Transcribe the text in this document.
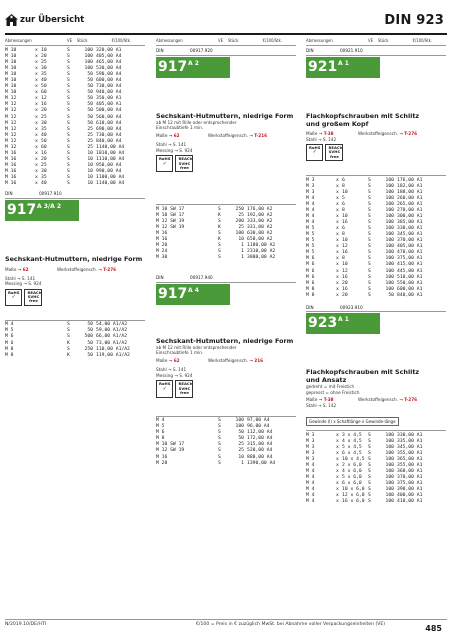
zur Übersicht	DIN 923
Abmessungen	VE	Stück	€/100/Stk.
M 10	x 10	S	100 320,00 A1
M 10	x 20	S	100 405,00 A4
M 10	x 25	S	100 465,00 A4
M 10	x 30	S	100 530,00 A4
M 10	x 35	S	50 590,00 A4
M 10	x 40	S	50 600,00 A4
M 10	x 50	S	50 730,00 A4
M 10	x 60	S	50 940,00 A4
M 12	x 12	S	50 350,00 A1
M 12	x 16	S	50 405,00 A1
M 12	x 20	S	50 500,00 A4
M 12	x 25	S	50 560,00 A4
M 12	x 30	S	50 610,00 A4
M 12	x 35	S	25 690,00 A4
M 12	x 40	S	25 730,00 A4
M 12	x 50	S	25 840,00 A4
M 12	x 60	S	25 1140,00 A4
M 16	x 16	S	10 1010,00 A4
M 16	x 20	S	10 1110,00 A4
M 16	x 25	S	10 950,00 A4
M 16	x 30	S	10 990,00 A4
M 16	x 35	S	10 1100,00 A4
M 16	x 40	S	10 1140,00 A4
DIN	00917.910
917 A 3/A 2
Sechskant-Hutmuttern, niedrige Form
Maße → 62	Werkstoffeigensch. → T-276
Stahl → S. 141
Messing → S. 924
RoHS
✓
REACh SVHC free
M 4	S	50 54,00 A1/A2
M 5	S	50 59,00 A1/A2
M 6	S	500 66,00 A1/A2
M 6	K	50 73,00 A1/A2
M 8	S	250 110,00 A1/A2
M 8	K	50 119,00 A1/A2
Abmessungen	VE	Stück	€/100/Stk.
DIN	00917.920
917 A 2
Sechskant-Hutmuttern, niedrige Form
ab M 12 mit Rille oder entsprechender
Einschraubtiefe 1 min.
Maße → 62	Werkstoffeigensch. → T-216
Stahl → S. 141
Messing → S. 924
RoHS
✓
REACh SVHC free
M 10 SW 17	S	250 176,00 A2
M 10 SW 17	K	25 192,00 A2
M 12 SW 19	S	200 333,00 A2
M 12 SW 19	K	25 331,00 A2
M 16	S	100 630,00 A2
M 16	K	10 650,00 A2
M 20	S	1 1180,00 A2
M 24	S	1 2310,00 A2
M 30	S	1 3800,00 A2
DIN	00917.940
917 A 4
Sechskant-Hutmuttern, niedrige Form
ab M 12 mit Rille oder entsprechender
Einschraubtiefe 1 min.
Maße → 62	Werkstoffeigensch. → 216
Stahl → S. 141
Messing → S. 924
RoHS
✓
REACh SVHC free
M 4	S	100 97,00 A4
M 5	S	100 96,00 A4
M 6	S	50 112,00 A4
M 8	S	50 172,00 A4
M 10 SW 17	S	25 315,00 A4
M 12 SW 19	S	25 520,00 A4
M 16	S	10 880,00 A4
M 20	S	1 1390,00 A4
Abmessungen	VE	Stück	€/100/Stk.
DIN	00921.910
921 A 1
Flachkopfschrauben mit Schlitz
und großem Kopf
Maße → T-38	Werkstoffeigensch. → T-276
Stahl → S. 142
RoHS
✓
REACh SVHC free
M 3	x 6	S	100 176,00 A1
M 3	x 8	S	100 182,00 A1
M 3	x 10	S	100 188,00 A1
M 4	x 5	S	100 260,00 A1
M 4	x 6	S	100 265,00 A1
M 4	x 8	S	100 270,00 A1
M 4	x 10	S	100 300,00 A1
M 4	x 16	S	100 385,00 A1
M 5	x 6	S	100 330,00 A1
M 5	x 8	S	100 345,00 A1
M 5	x 10	S	100 370,00 A1
M 5	x 12	S	100 405,00 A1
M 5	x 16	S	100 470,00 A1
M 6	x 8	S	100 375,00 A1
M 6	x 10	S	100 415,00 A1
M 6	x 12	S	100 445,00 A1
M 6	x 16	S	100 510,00 A1
M 6	x 20	S	100 550,00 A1
M 8	x 16	S	100 600,00 A1
M 8	x 20	S	50 840,00 A1
DIN	00923.910
923 A 1
Flachkopfschrauben mit Schlitz
und Ansatz
gedreht = mit Freistich
gepresst = ohne Freistich
Maße → T-38	Werkstoffeigensch. → T-276
Stahl → S. 142
Gewinde (l) x Schaftlänge x Gewinde-länge
M 3	x 3 x 4,5	S	100 330,00 A1
M 3	x 4 x 4,5	S	100 335,00 A1
M 3	x 5 x 4,5	S	100 345,00 A1
M 3	x 6 x 4,5	S	100 355,00 A1
M 3	x 10 x 4,5 S	100 365,00 A1
M 4	x 2 x 6,0	S	100 355,00 A1
M 4	x 4 x 6,0	S	100 360,00 A1
M 4	x 5 x 6,0	S	100 370,00 A1
M 4	x 6 x 6,0	S	100 375,00 A1
M 4	x 10 x 6,0 S	100 390,00 A1
M 4	x 12 x 6,0 S	100 400,00 A1
M 4	x 16 x 6,0 S	100 410,00 A1
N/2019.10/DE/HTI	€/100 = Preis in € zuzüglich MwSt. bei Abnahme voller Verpackungseinheiten (VE)	485
